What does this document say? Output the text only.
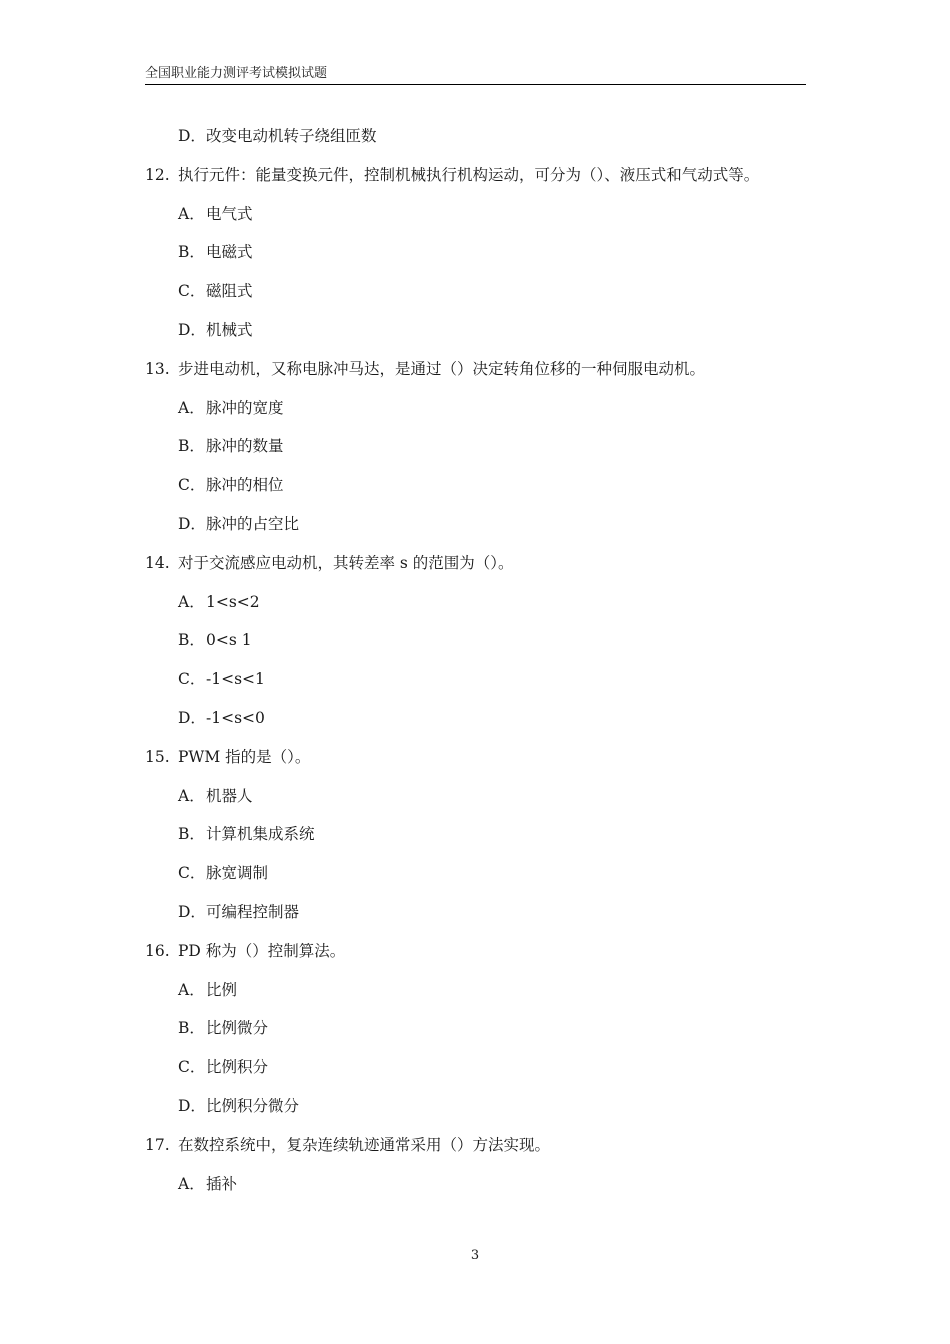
全国职业能力测评考试模拟试题
D．改变电动机转子绕组匝数
12. 执行元件：能量变换元件，控制机械执行机构运动，可分为（）、液压式和气动式等。
A．电气式
B．电磁式
C．磁阻式
D．机械式
13. 步进电动机，又称电脉冲马达，是通过（）决定转角位移的一种伺服电动机。
A．脉冲的宽度
B．脉冲的数量
C．脉冲的相位
D．脉冲的占空比
14. 对于交流感应电动机，其转差率 s 的范围为（）。
A．1<s<2
B．0<s 1
C．-1<s<1
D．-1<s<0
15. PWM 指的是（）。
A．机器人
B．计算机集成系统
C．脉宽调制
D．可编程控制器
16. PD 称为（）控制算法。
A．比例
B．比例微分
C．比例积分
D．比例积分微分
17. 在数控系统中，复杂连续轨迹通常采用（）方法实现。
A．插补
3
